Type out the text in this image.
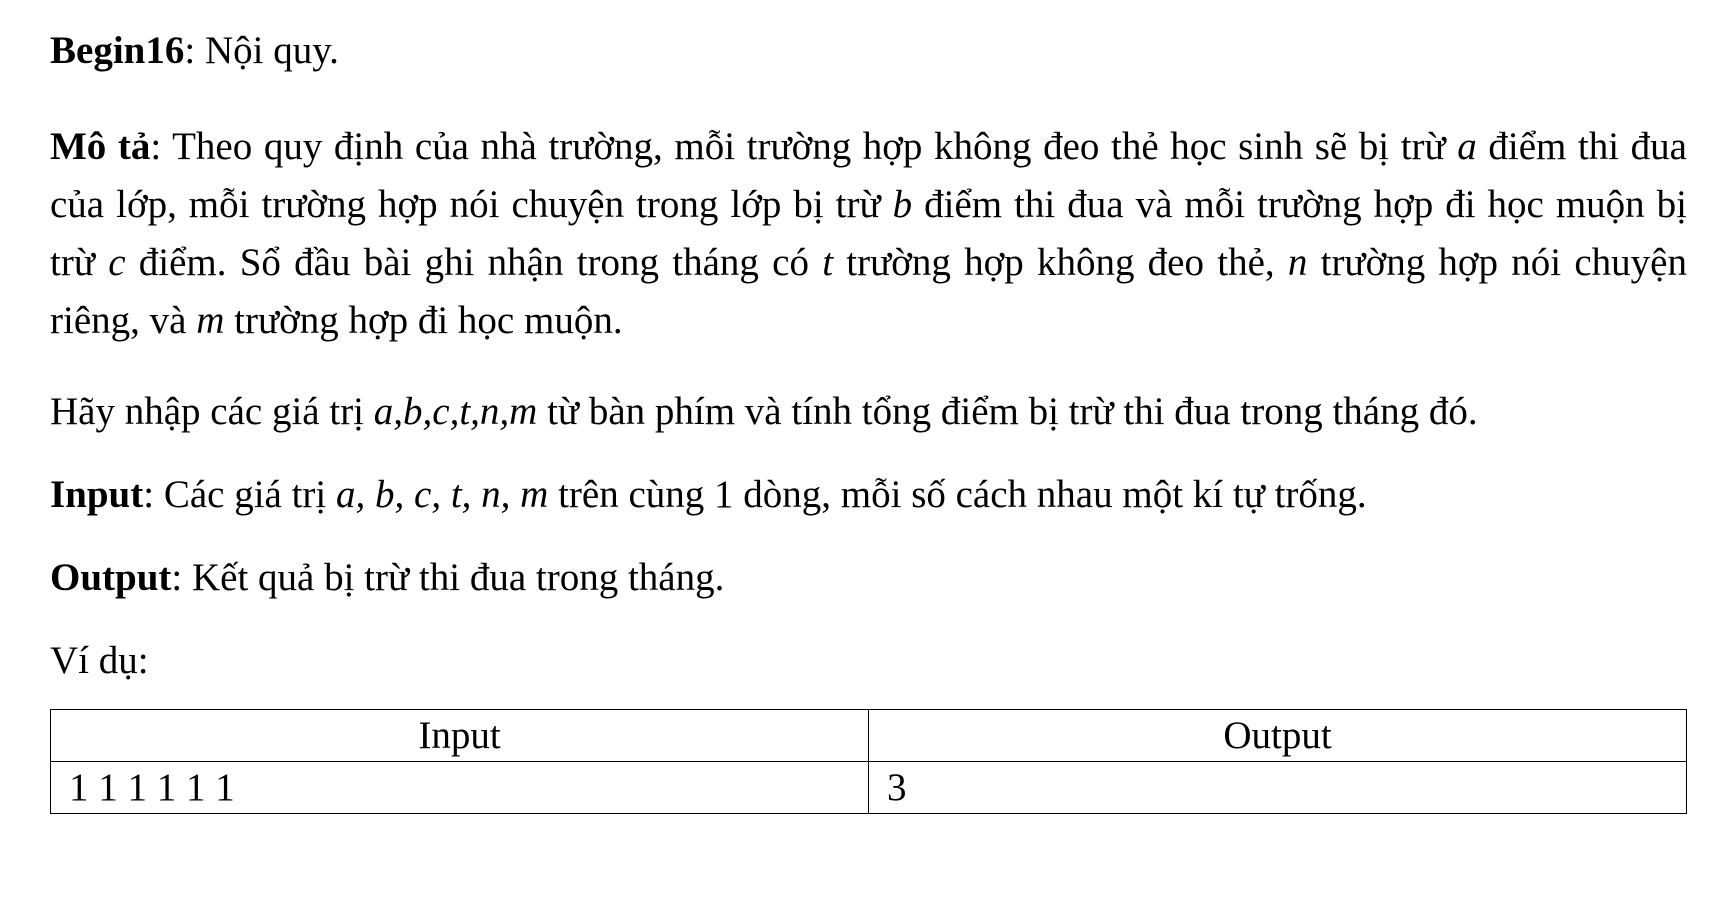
Begin16: Nội quy.

Mô tả: Theo quy định của nhà trường, mỗi trường hợp không đeo thẻ học sinh sẽ bị trừ a điểm thi đua của lớp, mỗi trường hợp nói chuyện trong lớp bị trừ b điểm thi đua và mỗi trường hợp đi học muộn bị trừ c điểm. Sổ đầu bài ghi nhận trong tháng có t trường hợp không đeo thẻ, n trường hợp nói chuyện riêng, và m trường hợp đi học muộn.

Hãy nhập các giá trị a,b,c,t,n,m từ bàn phím và tính tổng điểm bị trừ thi đua trong tháng đó.

Input: Các giá trị a, b, c, t, n, m trên cùng 1 dòng, mỗi số cách nhau một kí tự trống.

Output: Kết quả bị trừ thi đua trong tháng.

Ví dụ:

Input	Output
1 1 1 1 1 1	3
